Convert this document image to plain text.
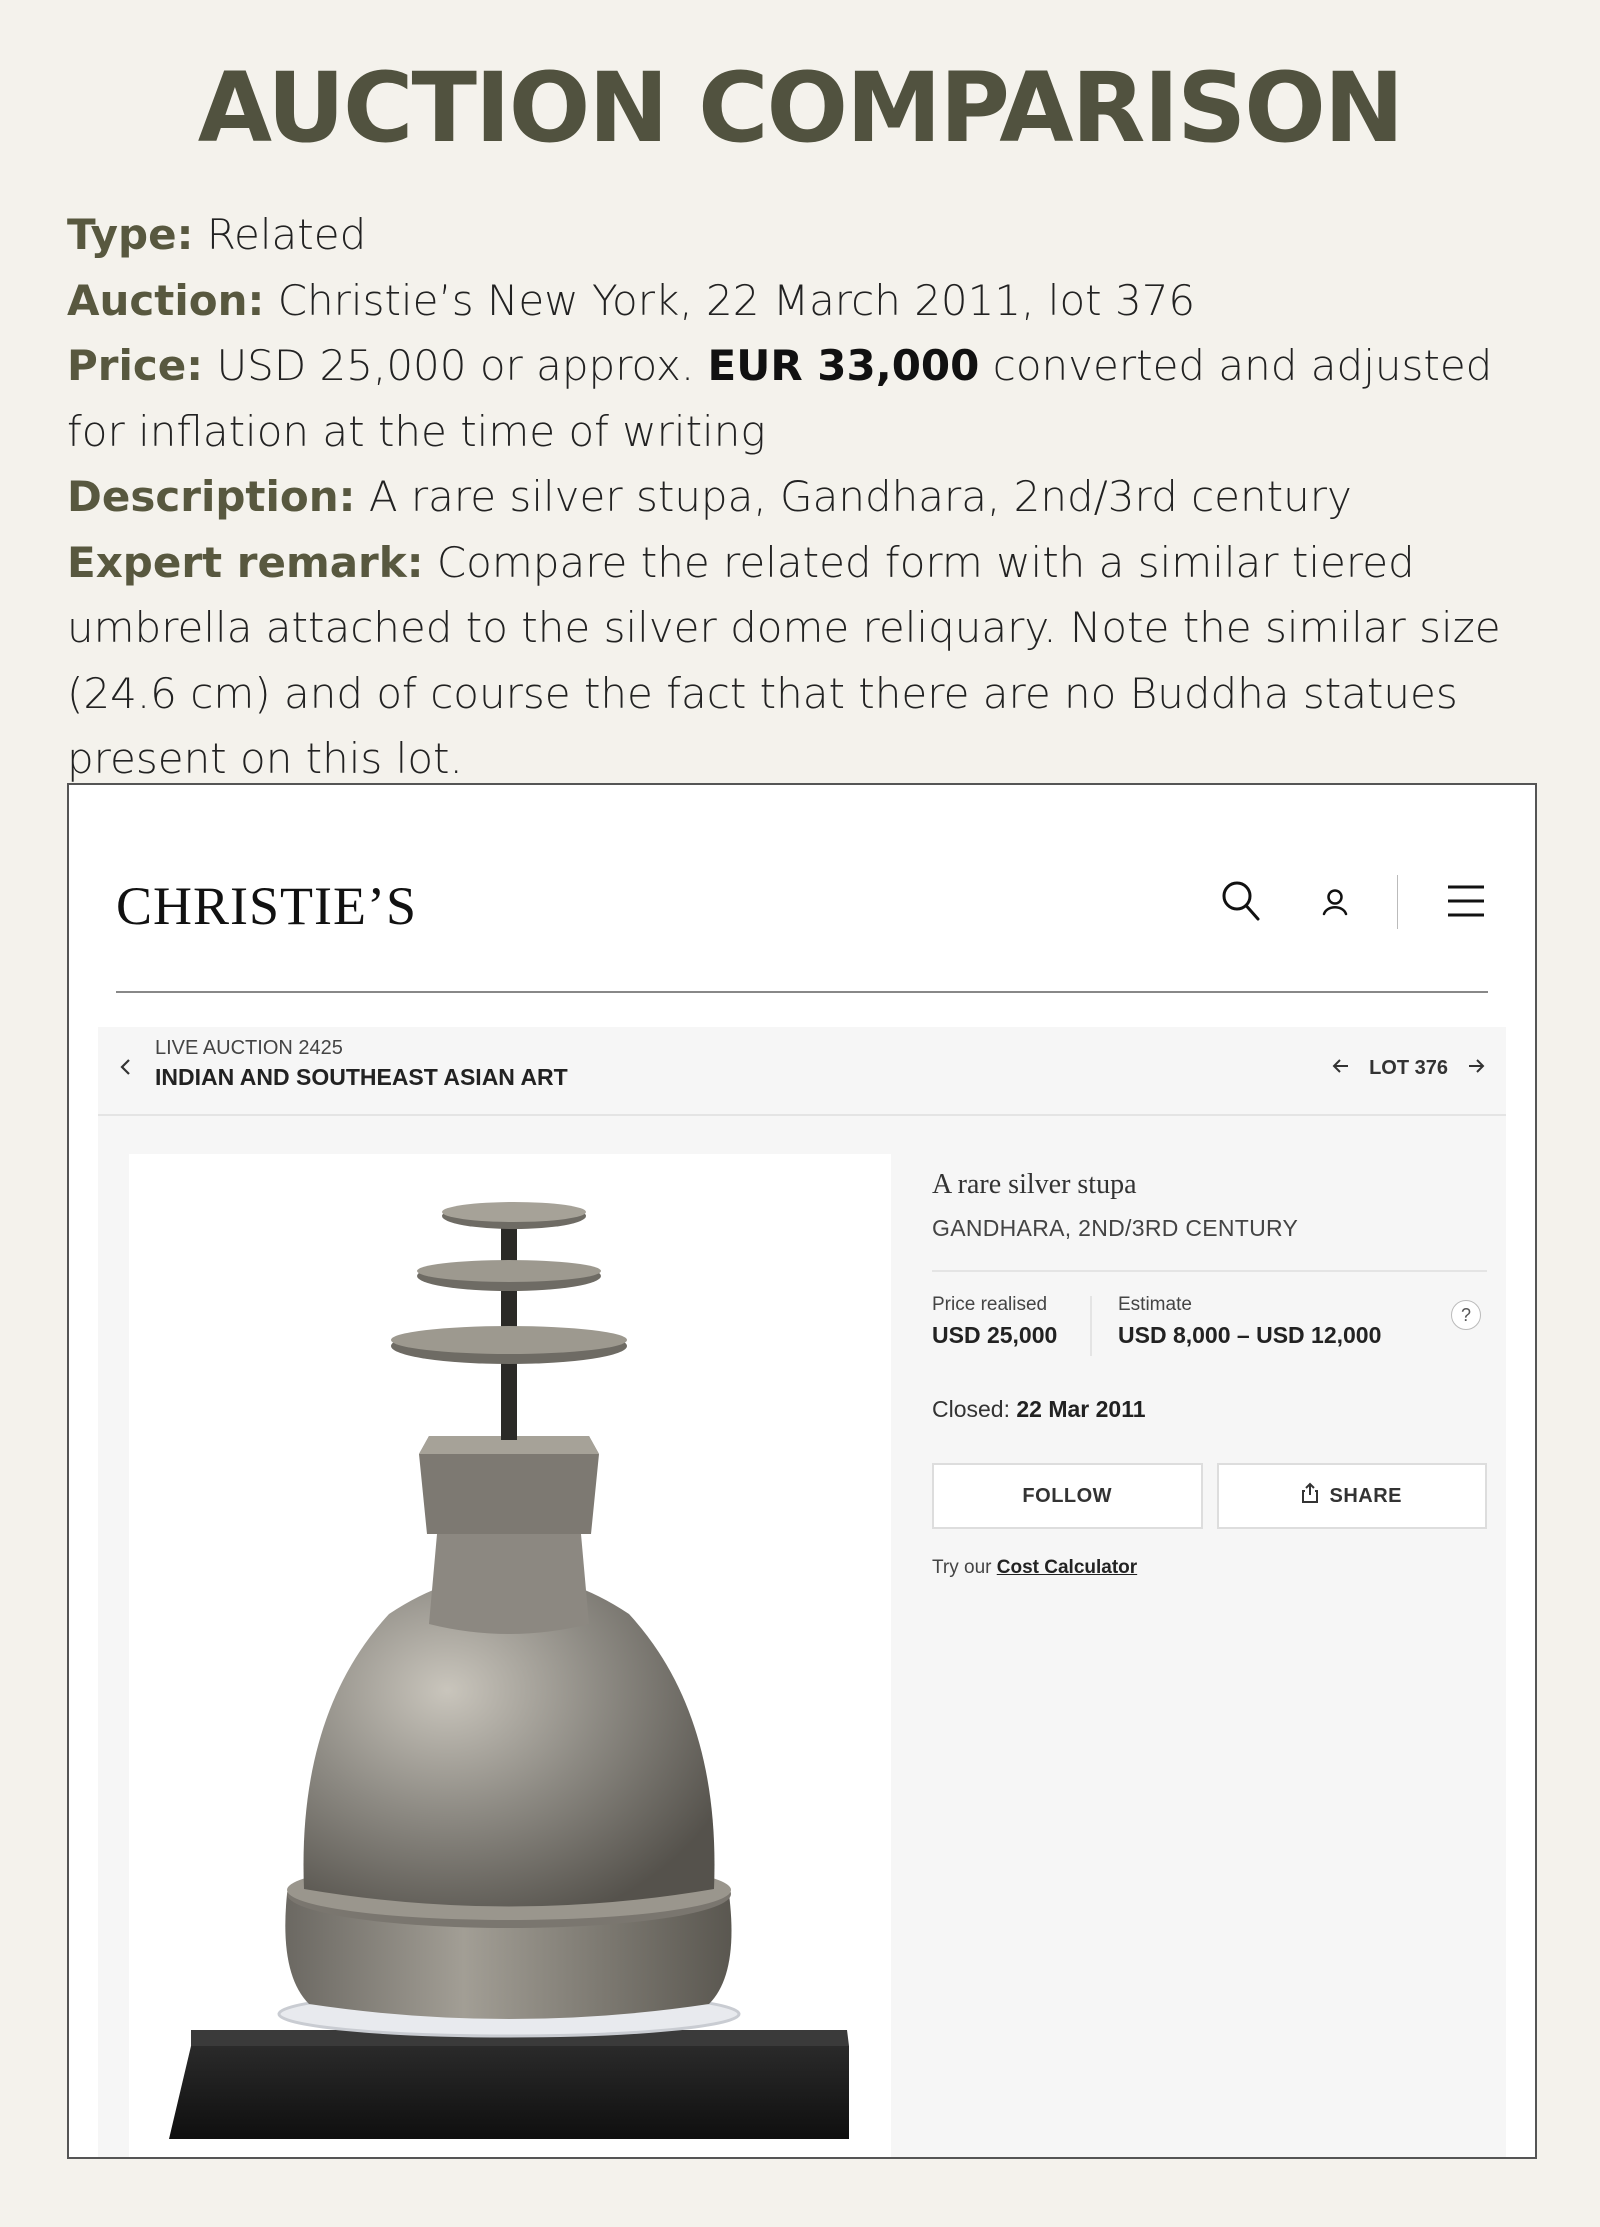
AUCTION COMPARISON

Type: Related

Auction: Christie’s New York, 22 March 2011, lot 376

Price: USD 25,000 or approx. EUR 33,000 converted and adjusted for inflation at the time of writing

Description: A rare silver stupa, Gandhara, 2nd/3rd century

Expert remark: Compare the related form with a similar tiered umbrella attached to the silver dome reliquary. Note the similar size (24.6 cm) and of course the fact that there are no Buddha statues present on this lot.

CHRISTIE’S
LIVE AUCTION 2425
INDIAN AND SOUTHEAST ASIAN ART	LOT 376

A rare silver stupa

GANDHARA, 2ND/3RD CENTURY
Price realised
USD 25,000
Estimate
USD 8,000 – USD 12,000
?
Closed: 22 Mar 2011
FOLLOW	SHARE
Try our Cost Calculator
